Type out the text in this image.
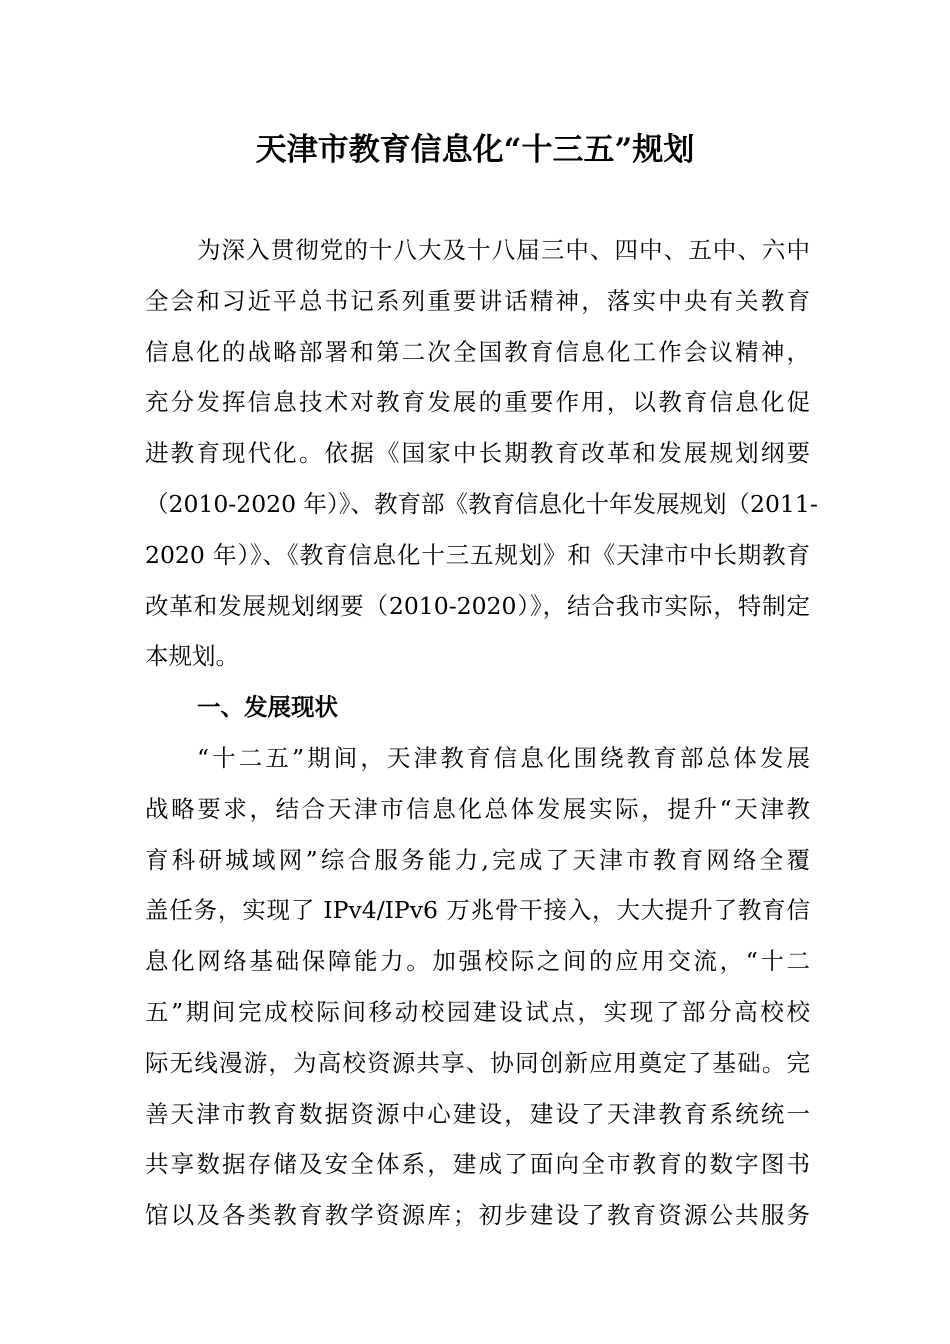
天津市教育信息化“十三五”规划
为深入贯彻党的十八大及十八届三中、四中、五中、六中
全会和习近平总书记系列重要讲话精神，落实中央有关教育
信息化的战略部署和第二次全国教育信息化工作会议精神，
充分发挥信息技术对教育发展的重要作用，以教育信息化促
进教育现代化。依据《国家中长期教育改革和发展规划纲要
（2010-2020 年）》、教育部《教育信息化十年发展规划（2011-
2020 年）》、《教育信息化十三五规划》和《天津市中长期教育
改革和发展规划纲要（2010-2020）》，结合我市实际，特制定
本规划。
一、发展现状
“十二五”期间，天津教育信息化围绕教育部总体发展
战略要求，结合天津市信息化总体发展实际，提升“天津教
育科研城域网”综合服务能力,完成了天津市教育网络全覆
盖任务，实现了 IPv4/IPv6 万兆骨干接入，大大提升了教育信
息化网络基础保障能力。加强校际之间的应用交流，“十二
五”期间完成校际间移动校园建设试点，实现了部分高校校
际无线漫游，为高校资源共享、协同创新应用奠定了基础。完
善天津市教育数据资源中心建设，建设了天津教育系统统一
共享数据存储及安全体系，建成了面向全市教育的数字图书
馆以及各类教育教学资源库；初步建设了教育资源公共服务
